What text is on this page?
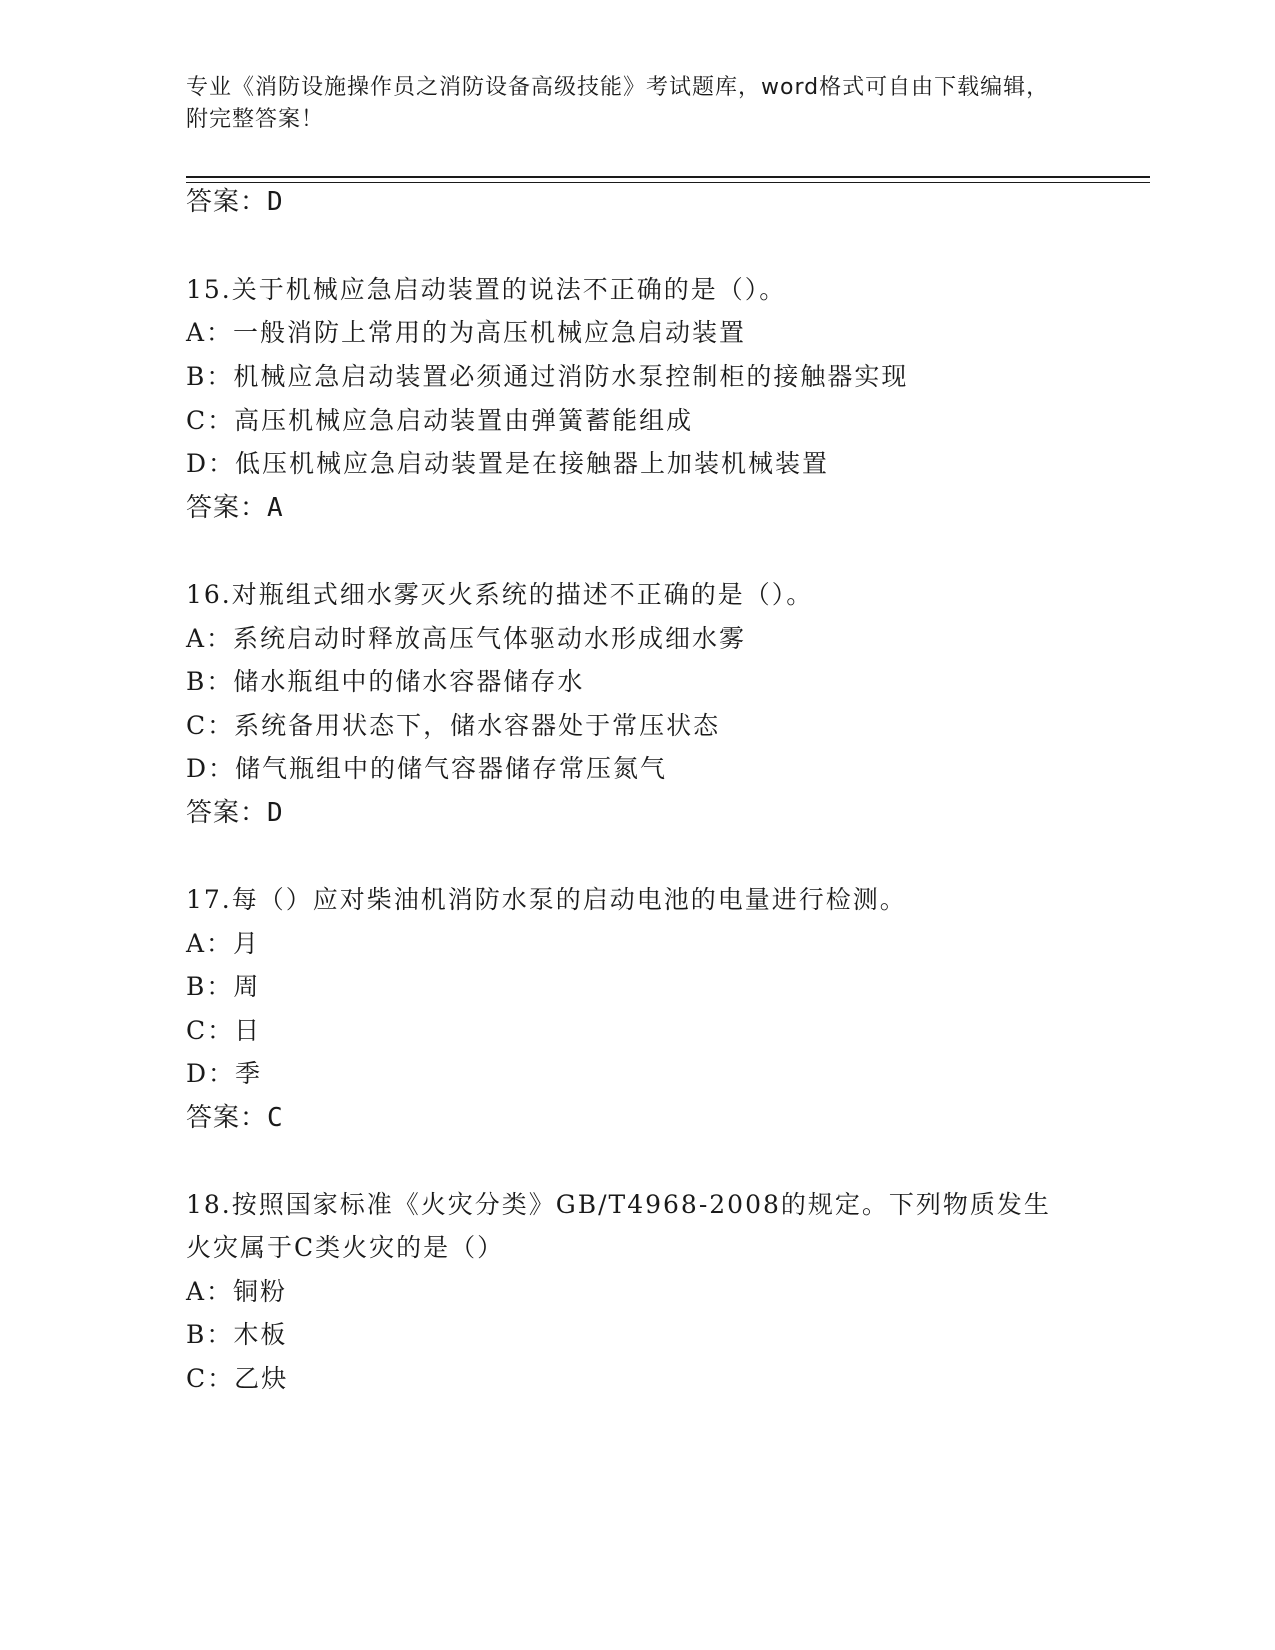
专业《消防设施操作员之消防设备高级技能》考试题库，word格式可自由下载编辑，附完整答案！
答案：D
15.关于机械应急启动装置的说法不正确的是（）。
A：一般消防上常用的为高压机械应急启动装置
B：机械应急启动装置必须通过消防水泵控制柜的接触器实现
C：高压机械应急启动装置由弹簧蓄能组成
D：低压机械应急启动装置是在接触器上加装机械装置
答案：A
16.对瓶组式细水雾灭火系统的描述不正确的是（）。
A：系统启动时释放高压气体驱动水形成细水雾
B：储水瓶组中的储水容器储存水
C：系统备用状态下，储水容器处于常压状态
D：储气瓶组中的储气容器储存常压氮气
答案：D
17.每（）应对柴油机消防水泵的启动电池的电量进行检测。
A：月
B：周
C：日
D：季
答案：C
18.按照国家标准《火灾分类》GB/T4968-2008的规定。下列物质发生
火灾属于C类火灾的是（）
A：铜粉
B：木板
C：乙炔
